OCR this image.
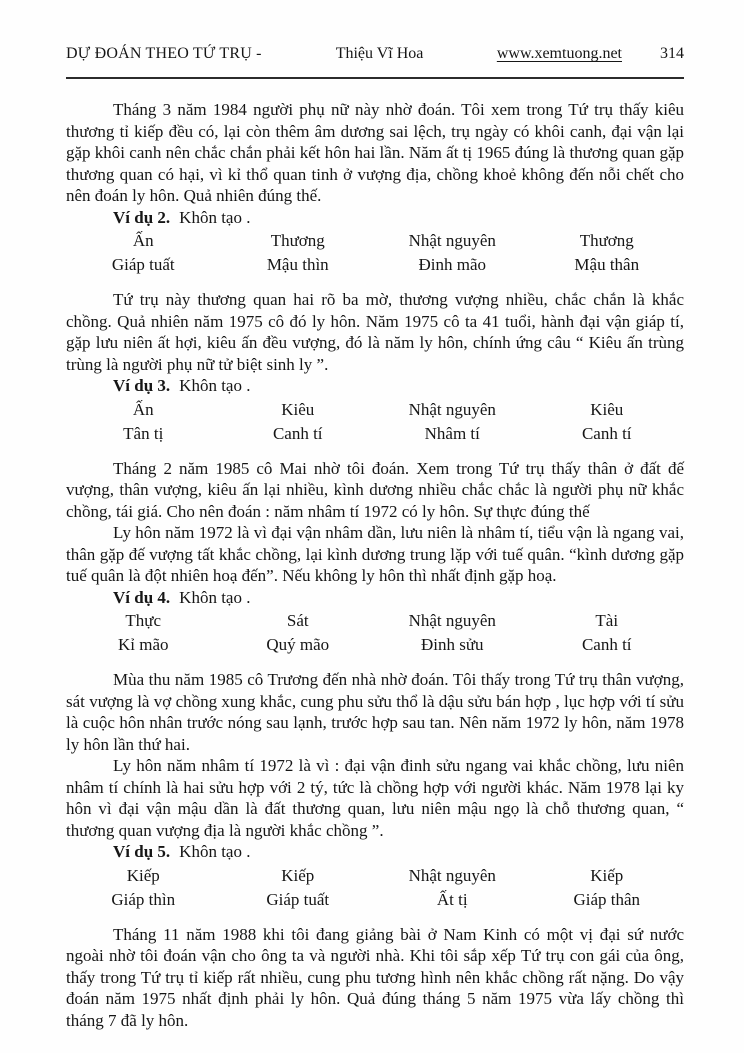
DỰ ĐOÁN THEO TỨ TRỤ -	Thiệu Vĩ Hoa	www.xemtuong.net 314

Tháng 3 năm 1984 người phụ nữ này nhờ đoán. Tôi xem trong Tứ trụ thấy kiêu thương tỉ kiếp đều có, lại còn thêm âm dương sai lệch, trụ ngày có khôi canh, đại vận lại gặp khôi canh nên chắc chắn phải kết hôn hai lần. Năm ất tị 1965 đúng là thương quan gặp thương quan có hại, vì kỉ thổ quan tinh ở vượng địa, chồng khoẻ không đến nỗi chết cho nên đoán ly hôn. Quả nhiên đúng thế.

Ví dụ 2. Khôn tạo .

Ấn	Thương	Nhật nguyên	Thương
Giáp tuất	Mậu thìn	Đinh mão	Mậu thân

Tứ trụ này thương quan hai rõ ba mờ, thương vượng nhiều, chắc chắn là khắc chồng. Quả nhiên năm 1975 cô đó ly hôn. Năm 1975 cô ta 41 tuổi, hành đại vận giáp tí, gặp lưu niên ất hợi, kiêu ấn đều vượng, đó là năm ly hôn, chính ứng câu “ Kiêu ấn trùng trùng là người phụ nữ tử biệt sinh ly ”.

Ví dụ 3. Khôn tạo .

Ấn	Kiêu	Nhật nguyên	Kiêu
Tân tị	Canh tí	Nhâm tí	Canh tí

Tháng 2 năm 1985 cô Mai nhờ tôi đoán. Xem trong Tứ trụ thấy thân ở đất đế vượng, thân vượng, kiêu ấn lại nhiều, kình dương nhiều chắc chắc là người phụ nữ khắc chồng, tái giá. Cho nên đoán : năm nhâm tí 1972 có ly hôn. Sự thực đúng thế

Ly hôn năm 1972 là vì đại vận nhâm dần, lưu niên là nhâm tí, tiểu vận là ngang vai, thân gặp đế vượng tất khắc chồng, lại kình dương trung lặp với tuế quân. “kình dương gặp tuế quân là đột nhiên hoạ đến”. Nếu không ly hôn thì nhất định gặp hoạ.

Ví dụ 4. Khôn tạo .

Thực	Sát	Nhật nguyên	Tài
Kỉ mão	Quý mão	Đinh sửu	Canh tí

Mùa thu năm 1985 cô Trương đến nhà nhờ đoán. Tôi thấy trong Tứ trụ thân vượng, sát vượng là vợ chồng xung khắc, cung phu sửu thổ là dậu sửu bán hợp , lục hợp với tí sửu là cuộc hôn nhân trước nóng sau lạnh, trước hợp sau tan. Nên năm 1972 ly hôn, năm 1978 ly hôn lần thứ hai.

Ly hôn năm nhâm tí 1972 là vì : đại vận đinh sửu ngang vai khắc chồng, lưu niên nhâm tí chính là hai sửu hợp với 2 tý, tức là chồng hợp với người khác. Năm 1978 lại ky hôn vì đại vận mậu dần là đất thương quan, lưu niên mậu ngọ là chỗ thương quan, “ thương quan vượng địa là người khắc chồng ”.

Ví dụ 5. Khôn tạo .

Kiếp	Kiếp	Nhật nguyên	Kiếp
Giáp thìn	Giáp tuất	Ất tị	Giáp thân

Tháng 11 năm 1988 khi tôi đang giảng bài ở Nam Kinh có một vị đại sứ nước ngoài nhờ tôi đoán vận cho ông ta và người nhà. Khi tôi sắp xếp Tứ trụ con gái của ông, thấy trong Tứ trụ tỉ kiếp rất nhiều, cung phu tương hình nên khắc chồng rất nặng. Do vậy đoán năm 1975 nhất định phải ly hôn. Quả đúng tháng 5 năm 1975 vừa lấy chồng thì tháng 7 đã ly hôn.
